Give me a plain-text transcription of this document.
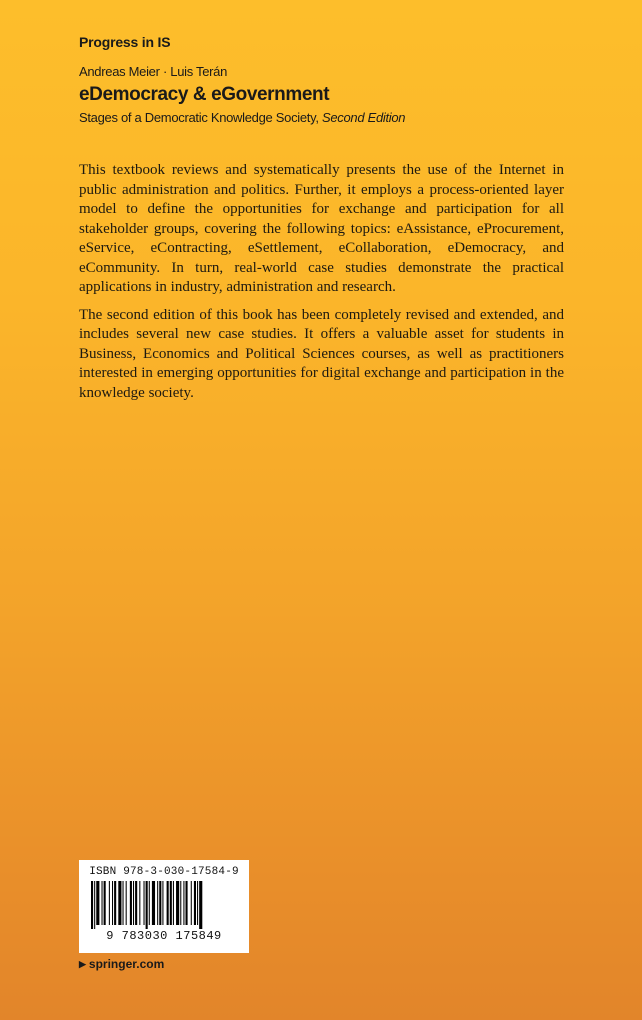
Progress in IS
Andreas Meier · Luis Terán
eDemocracy & eGovernment
Stages of a Democratic Knowledge Society, Second Edition

This textbook reviews and systematically presents the use of the Internet in public administration and politics. Further, it employs a process-oriented layer model to define the opportunities for exchange and participation for all stakeholder groups, covering the following topics: eAssistance, eProcurement, eService, eContracting, eSettlement, eCollaboration, eDemocracy, and eCommunity. In turn, real-world case studies demonstrate the practical applications in industry, administration and research.

The second edition of this book has been completely revised and extended, and includes several new case studies. It offers a valuable asset for students in Business, Economics and Political Sciences courses, as well as practitioners interested in emerging opportunities for digital exchange and participation in the knowledge society.

ISBN 978-3-030-17584-9
9 783030 175849
▶ springer.com
